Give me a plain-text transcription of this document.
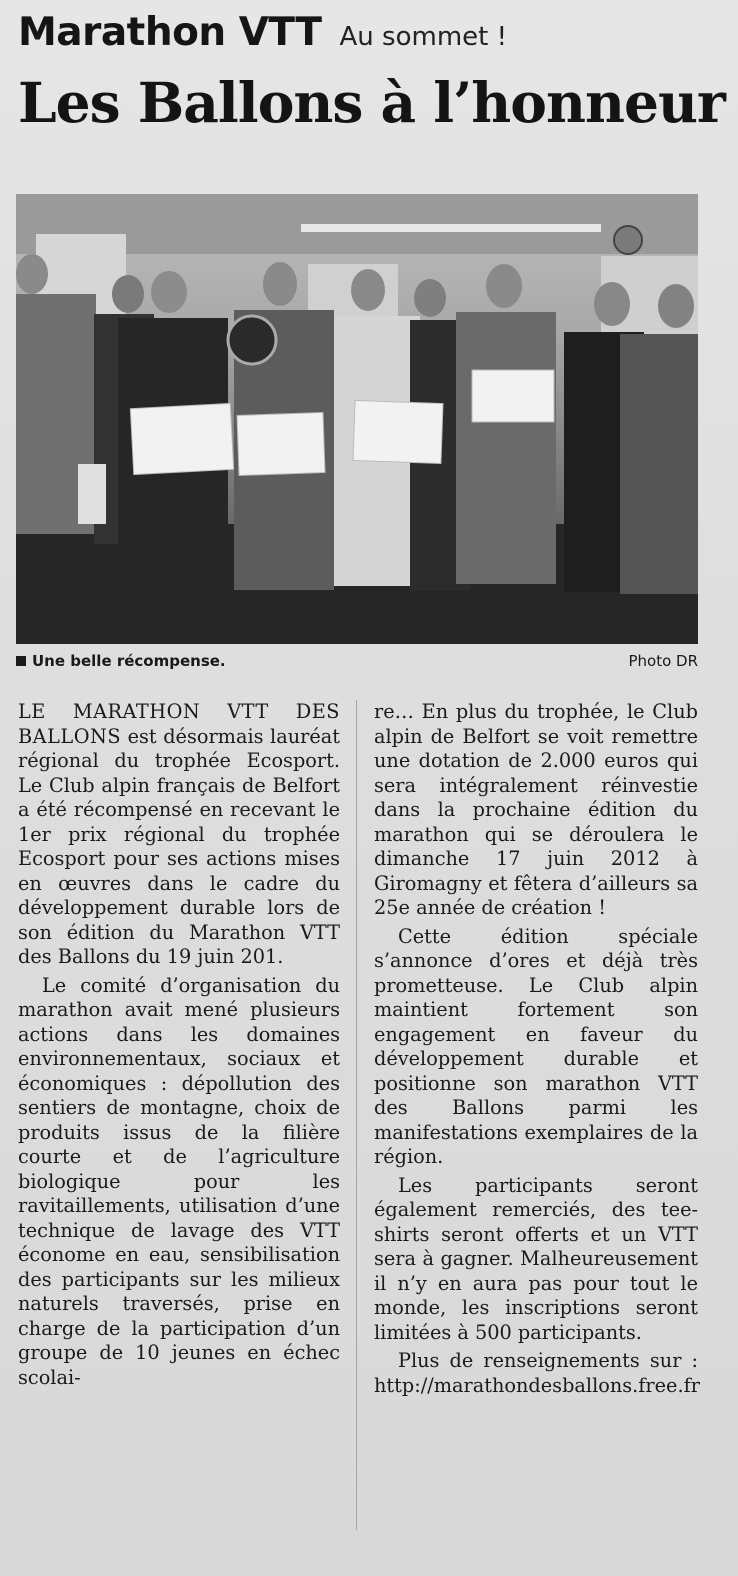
Marathon VTT Au sommet !
Les Ballons à l’honneur
Une belle récompense.	Photo DR

LE MARATHON VTT DES BALLONS est désormais lauréat régional du trophée Ecosport. Le Club alpin français de Belfort a été récompensé en recevant le 1er prix régional du trophée Ecosport pour ses actions mises en œuvres dans le cadre du développement durable lors de son édition du Marathon VTT des Ballons du 19 juin 201.

Le comité d’organisation du marathon avait mené plusieurs actions dans les domaines environnementaux, sociaux et économiques : dépollution des sentiers de montagne, choix de produits issus de la filière courte et de l’agriculture biologique pour les ravitaillements, utilisation d’une technique de lavage des VTT économe en eau, sensibilisation des participants sur les milieux naturels traversés, prise en charge de la participation d’un groupe de 10 jeunes en échec scolai-

re… En plus du trophée, le Club alpin de Belfort se voit remettre une dotation de 2.000 euros qui sera intégralement réinvestie dans la prochaine édition du marathon qui se déroulera le dimanche 17 juin 2012 à Giromagny et fêtera d’ailleurs sa 25e année de création !

Cette édition spéciale s’annonce d’ores et déjà très prometteuse. Le Club alpin maintient fortement son engagement en faveur du développement durable et positionne son marathon VTT des Ballons parmi les manifestations exemplaires de la région.

Les participants seront également remerciés, des tee-shirts seront offerts et un VTT sera à gagner. Malheureusement il n’y en aura pas pour tout le monde, les inscriptions seront limitées à 500 participants.

Plus de renseignements sur : http://marathondesballons.free.fr
